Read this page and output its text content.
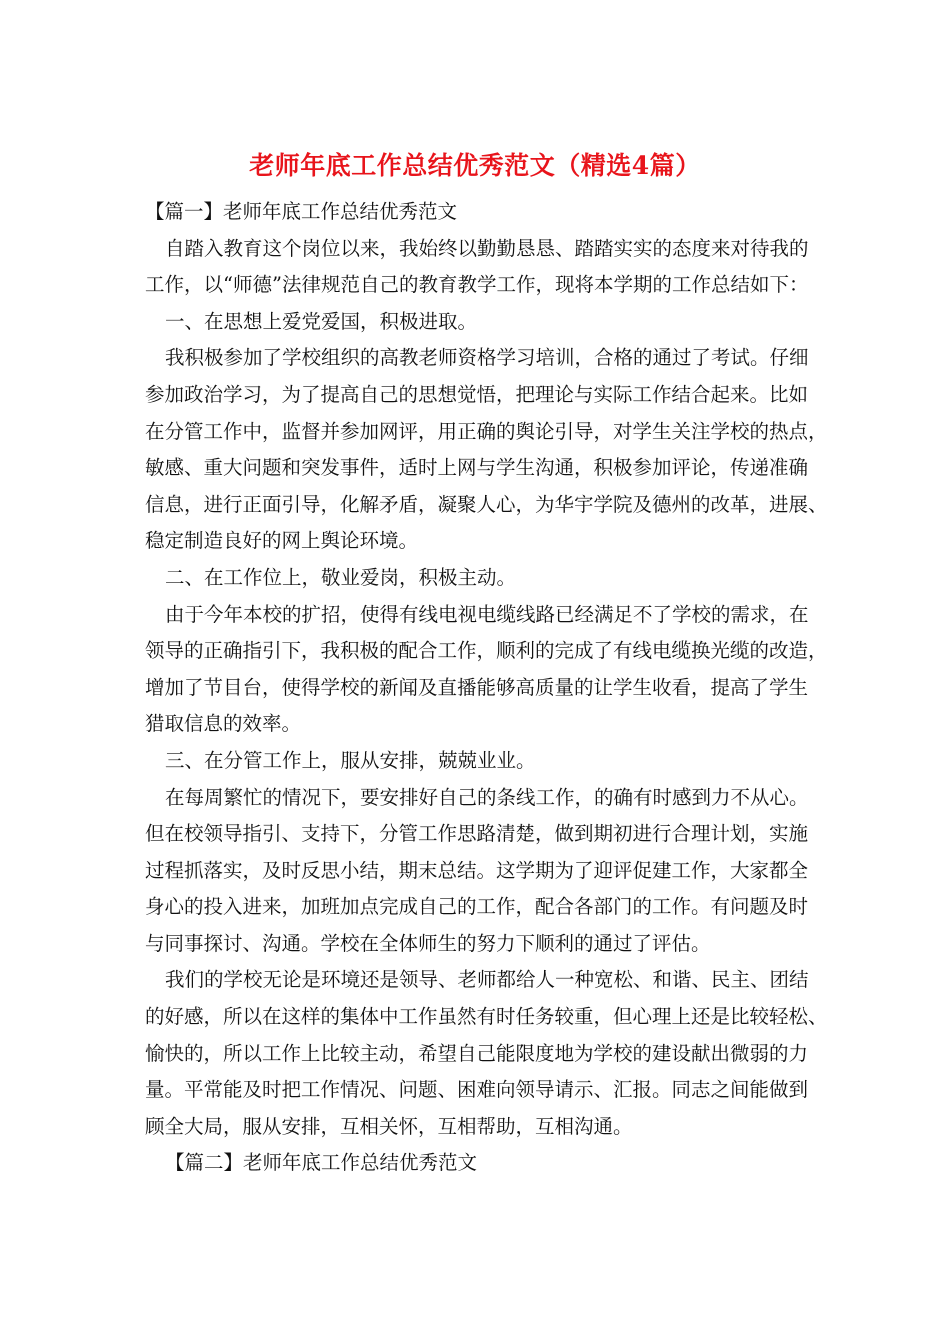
老师年底工作总结优秀范文（精选4篇）
【篇一】老师年底工作总结优秀范文
自踏入教育这个岗位以来，我始终以勤勤恳恳、踏踏实实的态度来对待我的
工作，以“师德”法律规范自己的教育教学工作，现将本学期的工作总结如下：
一、在思想上爱党爱国，积极进取。
我积极参加了学校组织的高教老师资格学习培训，合格的通过了考试。仔细
参加政治学习，为了提高自己的思想觉悟，把理论与实际工作结合起来。比如
在分管工作中，监督并参加网评，用正确的舆论引导，对学生关注学校的热点，
敏感、重大问题和突发事件，适时上网与学生沟通，积极参加评论，传递准确
信息，进行正面引导，化解矛盾，凝聚人心，为华宇学院及德州的改革，进展、
稳定制造良好的网上舆论环境。
二、在工作位上，敬业爱岗，积极主动。
由于今年本校的扩招，使得有线电视电缆线路已经满足不了学校的需求，在
领导的正确指引下，我积极的配合工作，顺利的完成了有线电缆换光缆的改造，
增加了节目台，使得学校的新闻及直播能够高质量的让学生收看，提高了学生
猎取信息的效率。
三、在分管工作上，服从安排，兢兢业业。
在每周繁忙的情况下，要安排好自己的条线工作，的确有时感到力不从心。
但在校领导指引、支持下，分管工作思路清楚，做到期初进行合理计划，实施
过程抓落实，及时反思小结，期末总结。这学期为了迎评促建工作，大家都全
身心的投入进来，加班加点完成自己的工作，配合各部门的工作。有问题及时
与同事探讨、沟通。学校在全体师生的努力下顺利的通过了评估。
我们的学校无论是环境还是领导、老师都给人一种宽松、和谐、民主、团结
的好感，所以在这样的集体中工作虽然有时任务较重，但心理上还是比较轻松、
愉快的，所以工作上比较主动，希望自己能限度地为学校的建设献出微弱的力
量。平常能及时把工作情况、问题、困难向领导请示、汇报。同志之间能做到
顾全大局，服从安排，互相关怀，互相帮助，互相沟通。
【篇二】老师年底工作总结优秀范文
